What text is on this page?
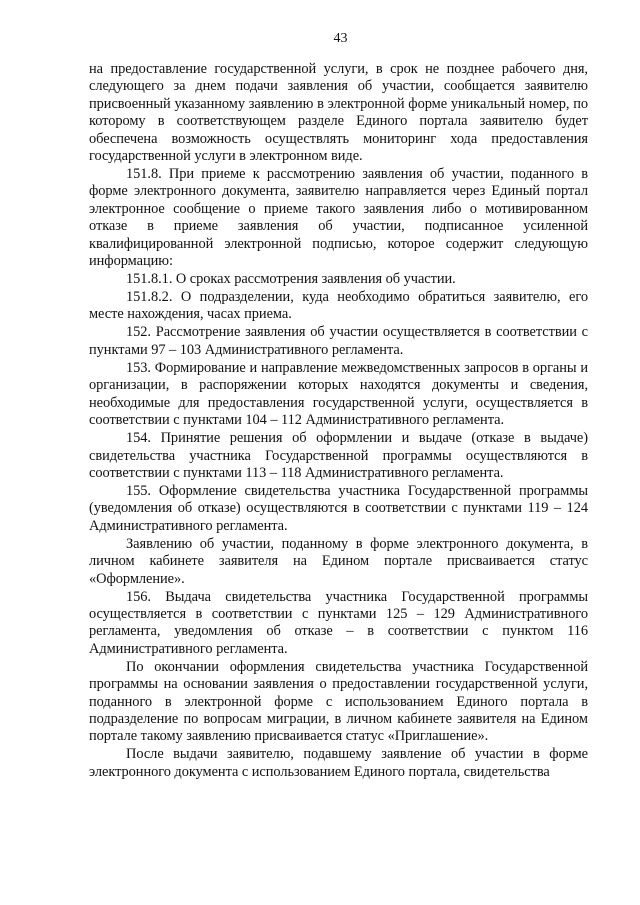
43

на предоставление государственной услуги, в срок не позднее рабочего дня, следующего за днем подачи заявления об участии, сообщается заявителю присвоенный указанному заявлению в электронной форме уникальный номер, по которому в соответствующем разделе Единого портала заявителю будет обеспечена возможность осуществлять мониторинг хода предоставления государственной услуги в электронном виде.

151.8. При приеме к рассмотрению заявления об участии, поданного в форме электронного документа, заявителю направляется через Единый портал электронное сообщение о приеме такого заявления либо о мотивированном отказе в приеме заявления об участии, подписанное усиленной квалифицированной электронной подписью, которое содержит следующую информацию:

151.8.1. О сроках рассмотрения заявления об участии.

151.8.2. О подразделении, куда необходимо обратиться заявителю, его месте нахождения, часах приема.

152. Рассмотрение заявления об участии осуществляется в соответствии с пунктами 97 – 103 Административного регламента.

153. Формирование и направление межведомственных запросов в органы и организации, в распоряжении которых находятся документы и сведения, необходимые для предоставления государственной услуги, осуществляется в соответствии с пунктами 104 – 112 Административного регламента.

154. Принятие решения об оформлении и выдаче (отказе в выдаче) свидетельства участника Государственной программы осуществляются в соответствии с пунктами 113 – 118 Административного регламента.

155. Оформление свидетельства участника Государственной программы (уведомления об отказе) осуществляются в соответствии с пунктами 119 – 124 Административного регламента.

Заявлению об участии, поданному в форме электронного документа, в личном кабинете заявителя на Едином портале присваивается статус «Оформление».

156. Выдача свидетельства участника Государственной программы осуществляется в соответствии с пунктами 125 – 129 Административного регламента, уведомления об отказе – в соответствии с пунктом 116 Административного регламента.

По окончании оформления свидетельства участника Государственной программы на основании заявления о предоставлении государственной услуги, поданного в электронной форме с использованием Единого портала в подразделение по вопросам миграции, в личном кабинете заявителя на Едином портале такому заявлению присваивается статус «Приглашение».

После выдачи заявителю, подавшему заявление об участии в форме электронного документа с использованием Единого портала, свидетельства
